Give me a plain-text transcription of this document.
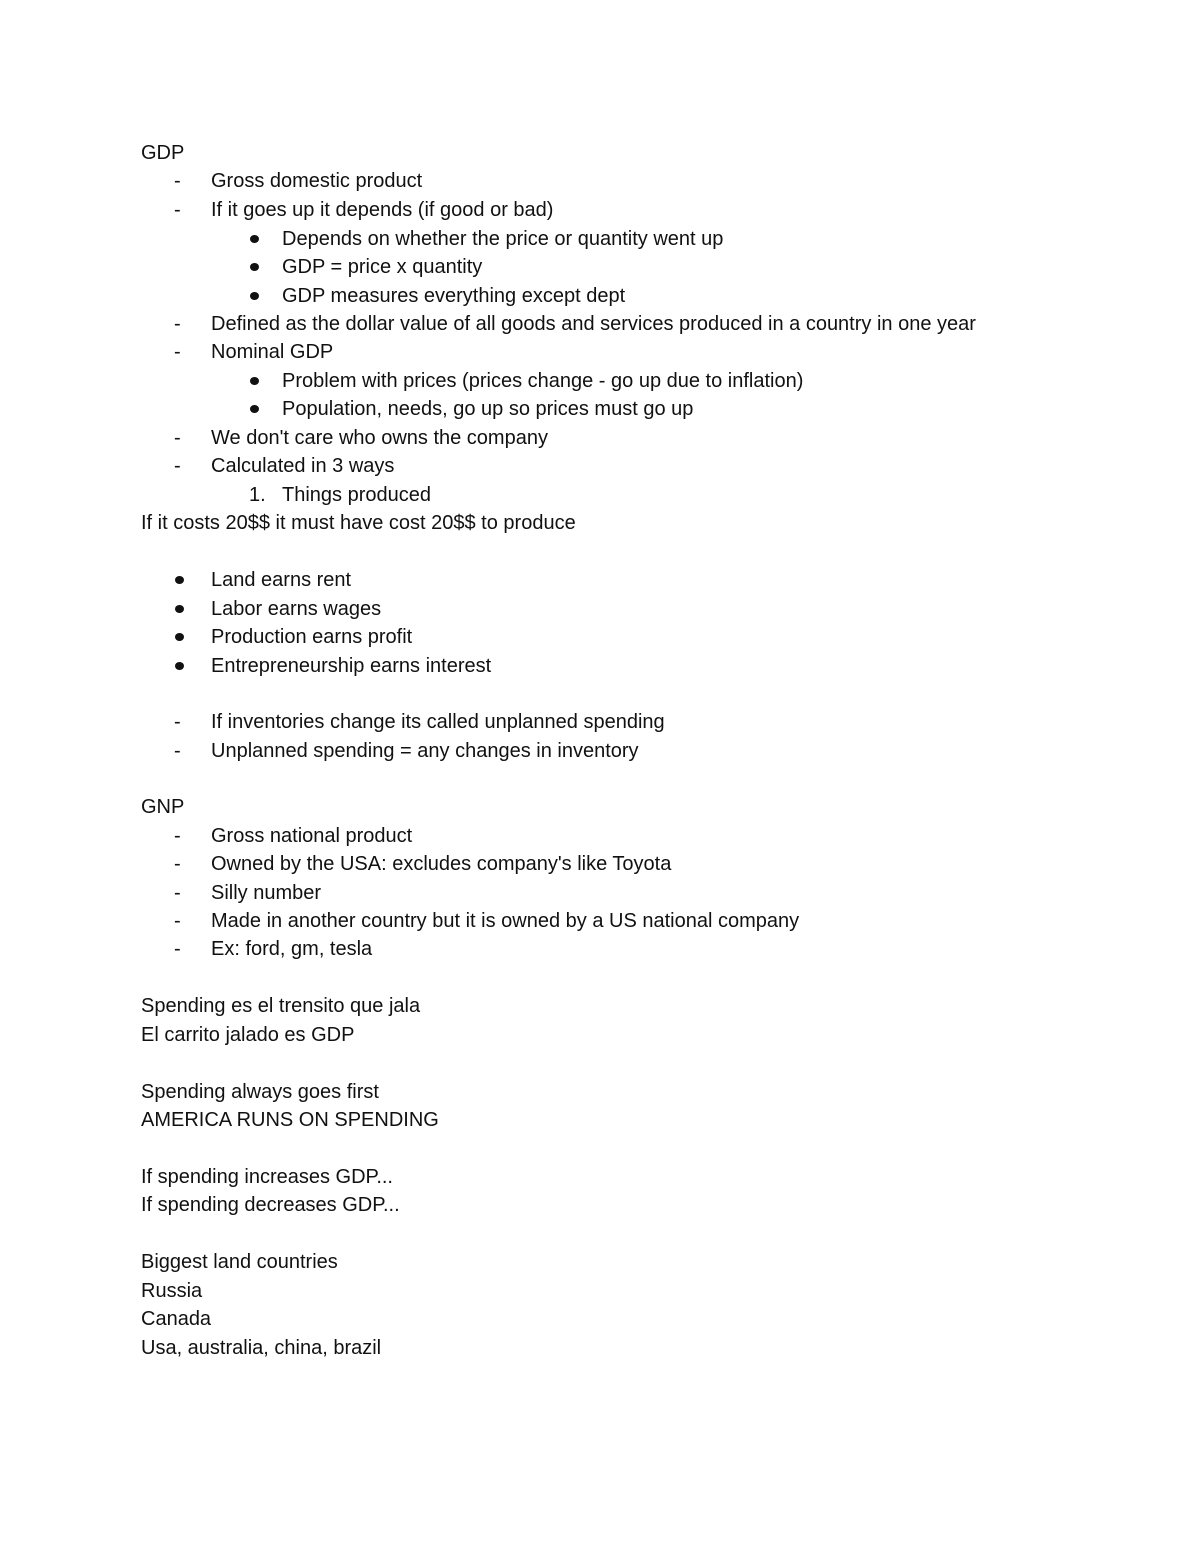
GDP
- Gross domestic product
- If it goes up it depends (if good or bad)
Depends on whether the price or quantity went up
GDP = price x quantity
GDP measures everything except dept
- Defined as the dollar value of all goods and services produced in a country in one year
- Nominal GDP
Problem with prices (prices change - go up due to inflation)
Population, needs, go up so prices must go up
- We don't care who owns the company
- Calculated in 3 ways
1. Things produced
If it costs 20$$ it must have cost 20$$ to produce
Land earns rent
Labor earns wages
Production earns profit
Entrepreneurship earns interest
- If inventories change its called unplanned spending
- Unplanned spending = any changes in inventory
GNP
- Gross national product
- Owned by the USA: excludes company's like Toyota
- Silly number
- Made in another country but it is owned by a US national company
- Ex: ford, gm, tesla
Spending es el trensito que jala
El carrito jalado es GDP
Spending always goes first
AMERICA RUNS ON SPENDING
If spending increases GDP...
If spending decreases GDP...
Biggest land countries
Russia
Canada
Usa, australia, china, brazil
